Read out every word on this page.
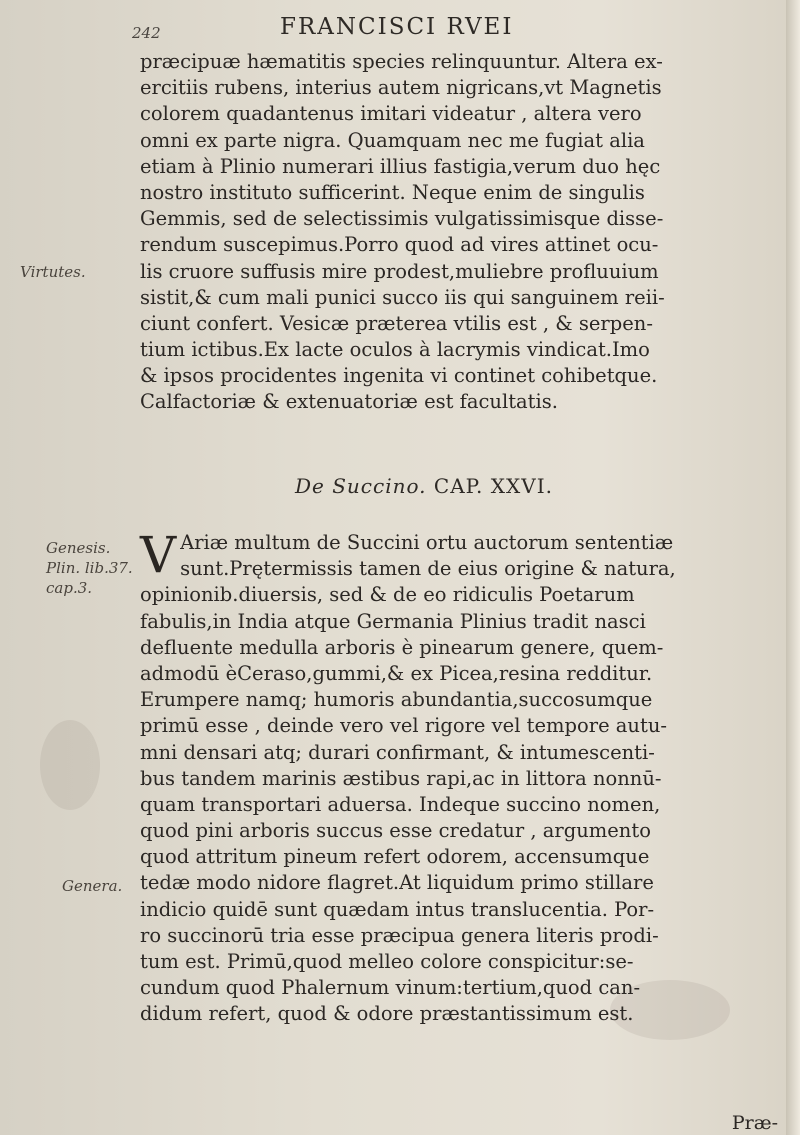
242	FRANCISCI RVEI
Virtutes.
Genesis.
Plin. lib.37.
cap.3.
Genera.
præcipuæ hæmatitis species relinquuntur. Altera ex-
ercitiis rubens, interius autem nigricans,vt Magnetis
colorem quadantenus imitari videatur , altera vero
omni ex parte nigra. Quamquam nec me fugiat alia
etiam à Plinio numerari illius fastigia,verum duo hęc
nostro instituto sufficerint. Neque enim de singulis
Gemmis, sed de selectissimis vulgatissimisque disse-
rendum suscepimus.Porro quod ad vires attinet ocu-
lis cruore suffusis mire prodest,muliebre profluuium
sistit,& cum mali punici succo iis qui sanguinem reii-
ciunt confert. Vesicæ præterea vtilis est , & serpen-
tium ictibus.Ex lacte oculos à lacrymis vindicat.Imo
& ipsos procidentes ingenita vi continet cohibetque.
Calfactoriæ & extenuatoriæ est facultatis.
De Succino. CAP. XXVI.
V Ariæ multum de Succini ortu auctorum sententiæ
sunt.Prętermissis tamen de eius origine & natura,
opinionib.diuersis, sed & de eo ridiculis Poetarum
fabulis,in India atque Germania Plinius tradit nasci
defluente medulla arboris è pinearum genere, quem-
admodū èCeraso,gummi,& ex Picea,resina redditur.
Erumpere namq; humoris abundantia,succosumque
primū esse , deinde vero vel rigore vel tempore autu-
mni densari atq; durari confirmant, & intumescenti-
bus tandem marinis æstibus rapi,ac in littora nonnū-
quam transportari aduersa. Indeque succino nomen,
quod pini arboris succus esse credatur , argumento
quod attritum pineum refert odorem, accensumque
tedæ modo nidore flagret.At liquidum primo stillare
indicio quidē sunt quædam intus translucentia. Por-
ro succinorū tria esse præcipua genera literis prodi-
tum est. Primū,quod melleo colore conspicitur:se-
cundum quod Phalernum vinum:tertium,quod can-
didum refert, quod & odore præstantissimum est.
Præ-
